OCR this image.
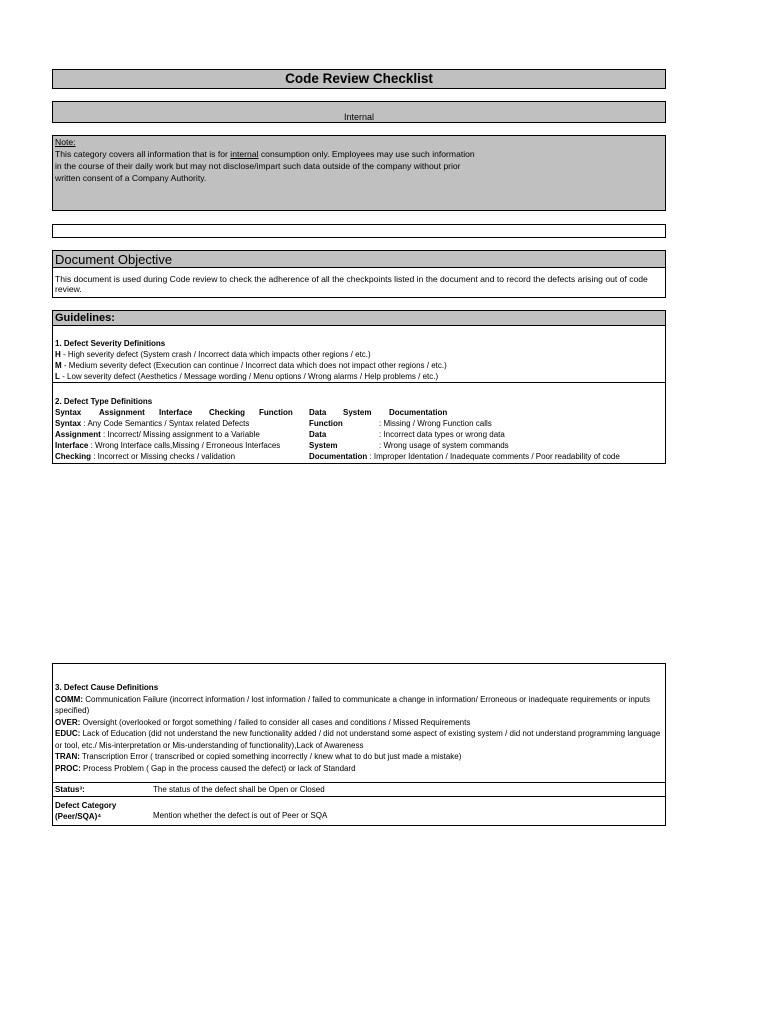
Code Review Checklist
Internal
Note:
This category covers all information that is for internal consumption only. Employees may use such information
in the course of their daily work but may not disclose/impart such data outside of the company without prior
written consent of a Company Authority.
Document Objective
This document is used during Code review to check the adherence of all the checkpoints listed in the document and to record the defects arising out of code review.
Guidelines:
1. Defect Severity Definitions
H - High severity defect (System crash / Incorrect data which impacts other regions / etc.)
M - Medium severity defect (Execution can continue / Incorrect data which does not impact other regions / etc.)
L - Low severity defect (Aesthetics / Message wording / Menu options / Wrong alarms / Help problems / etc.)
2. Defect Type Definitions
Syntax Assignment Interface Checking Function Data System Documentation
Syntax : Any Code Semantics / Syntax related Defects	Function	: Missing / Wrong Function calls
Assignment : Incorrect/ Missing assignment to a Variable	Data	: Incorrect data types or wrong data
Interface : Wrong Interface calls,Missing / Erroneous Interfaces	System	: Wrong usage of system commands
Checking : Incorrect or Missing checks / validation	Documentation : Improper Identation / Inadequate comments / Poor readability of code
3. Defect Cause Definitions
COMM: Communication Failure (incorrect information / lost information / failed to communicate a change in information/ Erroneous or inadequate requirements or inputs specified)
OVER: Oversight (overlooked or forgot something / failed to consider all cases and conditions / Missed Requirements
EDUC: Lack of Education (did not understand the new functionality added / did not understand some aspect of existing system / did not understand programming language or tool, etc./ Mis-interpretation or Mis-understanding of functionality),Lack of Awareness
TRAN: Transcription Error ( transcribed or copied something incorrectly / knew what to do but just made a mistake)
PROC: Process Problem ( Gap in the process caused the defect) or lack of Standard
Status³:	The status of the defect shall be Open or Closed
Defect Category
(Peer/SQA)⁴	Mention whether the defect is out of Peer or SQA
